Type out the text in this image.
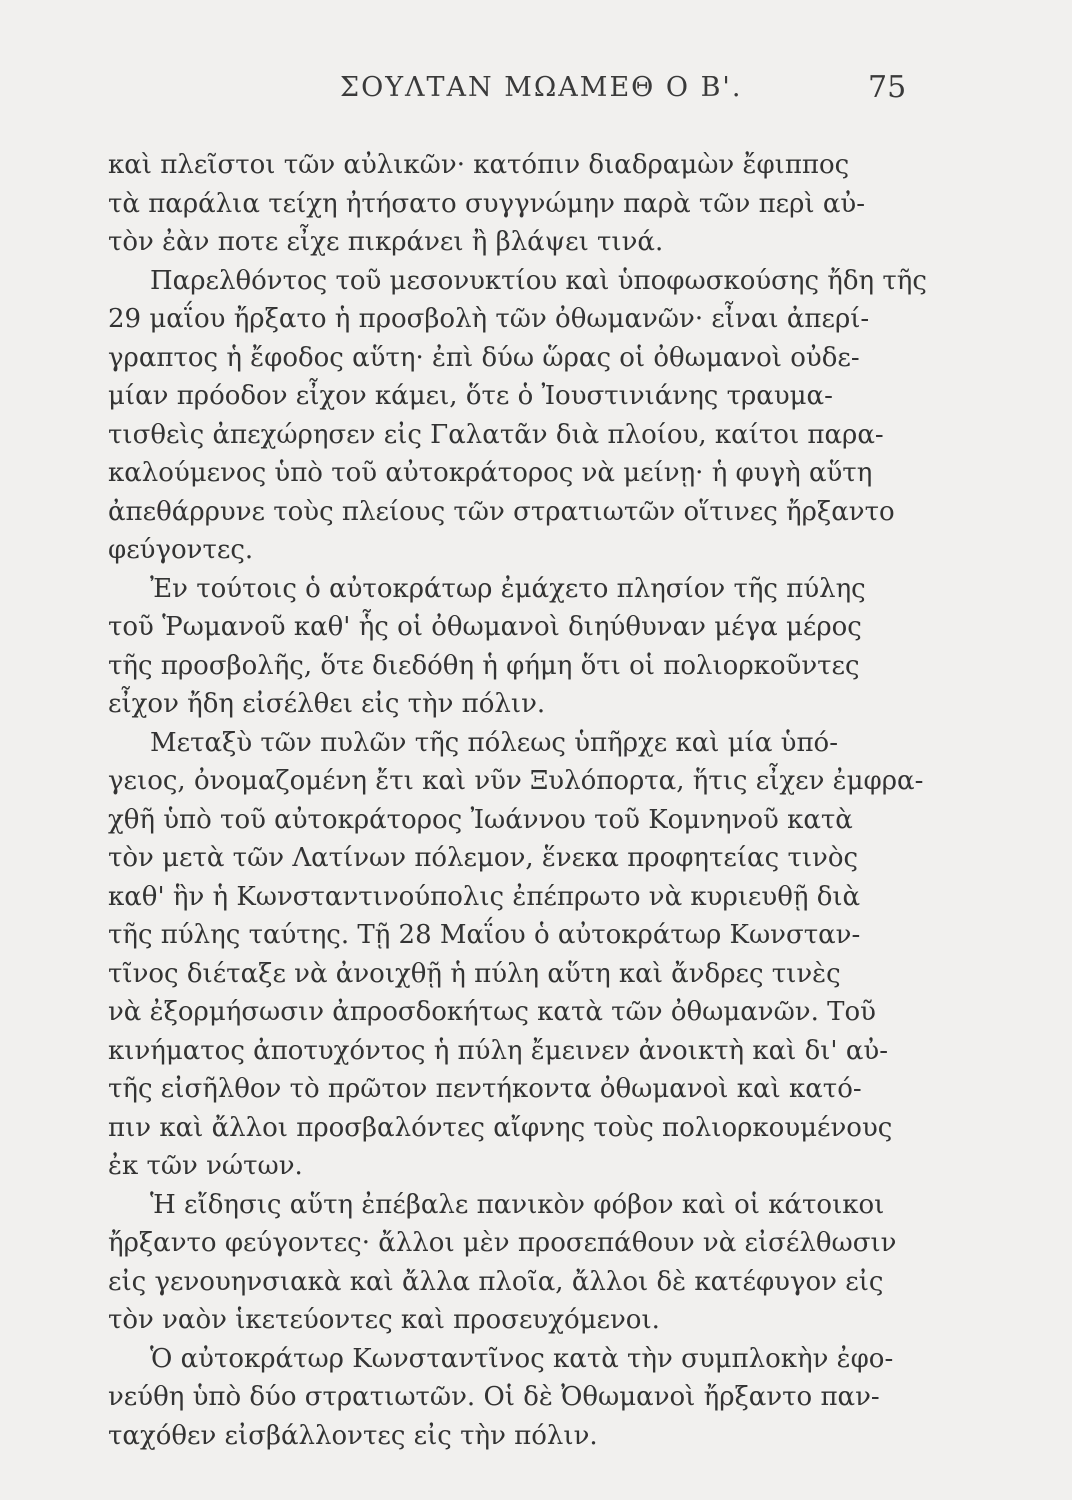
ΣΟΥΛΤΑΝ ΜΩΑΜΕΘ Ο Β'.	75
καὶ πλεῖστοι τῶν αὐλικῶν· κατόπιν διαδραμὼν ἔφιππος
τὰ παράλια τείχη ἠτήσατο συγγνώμην παρὰ τῶν περὶ αὐ-
τὸν ἐὰν ποτε εἶχε πικράνει ἢ βλάψει τινά.
Παρελθόντος τοῦ μεσονυκτίου καὶ ὑποφωσκούσης ἤδη τῆς
29 μαΐου ἤρξατο ἡ προσβολὴ τῶν ὀθωμανῶν· εἶναι ἀπερί-
γραπτος ἡ ἔφοδος αὕτη· ἐπὶ δύω ὥρας οἱ ὀθωμανοὶ οὐδε-
μίαν πρόοδον εἶχον κάμει, ὅτε ὁ Ἰουστινιάνης τραυμα-
τισθεὶς ἀπεχώρησεν εἰς Γαλατᾶν διὰ πλοίου, καίτοι παρα-
καλούμενος ὑπὸ τοῦ αὐτοκράτορος νὰ μείνῃ· ἡ φυγὴ αὕτη
ἀπεθάρρυνε τοὺς πλείους τῶν στρατιωτῶν οἵτινες ἤρξαντο
φεύγοντες.
Ἐν τούτοις ὁ αὐτοκράτωρ ἐμάχετο πλησίον τῆς πύλης
τοῦ Ῥωμανοῦ καθ' ἧς οἱ ὀθωμανοὶ διηύθυναν μέγα μέρος
τῆς προσβολῆς, ὅτε διεδόθη ἡ φήμη ὅτι οἱ πολιορκοῦντες
εἶχον ἤδη εἰσέλθει εἰς τὴν πόλιν.
Μεταξὺ τῶν πυλῶν τῆς πόλεως ὑπῆρχε καὶ μία ὑπό-
γειος, ὀνομαζομένη ἔτι καὶ νῦν Ξυλόπορτα, ἥτις εἶχεν ἐμφρα-
χθῆ ὑπὸ τοῦ αὐτοκράτορος Ἰωάννου τοῦ Κομνηνοῦ κατὰ
τὸν μετὰ τῶν Λατίνων πόλεμον, ἕνεκα προφητείας τινὸς
καθ' ἣν ἡ Κωνσταντινούπολις ἐπέπρωτο νὰ κυριευθῇ διὰ
τῆς πύλης ταύτης. Τῇ 28 Μαΐου ὁ αὐτοκράτωρ Κωνσταν-
τῖνος διέταξε νὰ ἀνοιχθῇ ἡ πύλη αὕτη καὶ ἄνδρες τινὲς
νὰ ἐξορμήσωσιν ἀπροσδοκήτως κατὰ τῶν ὀθωμανῶν. Τοῦ
κινήματος ἀποτυχόντος ἡ πύλη ἔμεινεν ἀνοικτὴ καὶ δι' αὐ-
τῆς εἰσῆλθον τὸ πρῶτον πεντήκοντα ὀθωμανοὶ καὶ κατό-
πιν καὶ ἄλλοι προσβαλόντες αἴφνης τοὺς πολιορκουμένους
ἐκ τῶν νώτων.
Ἡ εἴδησις αὕτη ἐπέβαλε πανικὸν φόβον καὶ οἱ κάτοικοι
ἤρξαντο φεύγοντες· ἄλλοι μὲν προσεπάθουν νὰ εἰσέλθωσιν
εἰς γενουηνσιακὰ καὶ ἄλλα πλοῖα, ἄλλοι δὲ κατέφυγον εἰς
τὸν ναὸν ἱκετεύοντες καὶ προσευχόμενοι.
Ὁ αὐτοκράτωρ Κωνσταντῖνος κατὰ τὴν συμπλοκὴν ἐφο-
νεύθη ὑπὸ δύο στρατιωτῶν. Οἱ δὲ Ὀθωμανοὶ ἤρξαντο παν-
ταχόθεν εἰσβάλλοντες εἰς τὴν πόλιν.
